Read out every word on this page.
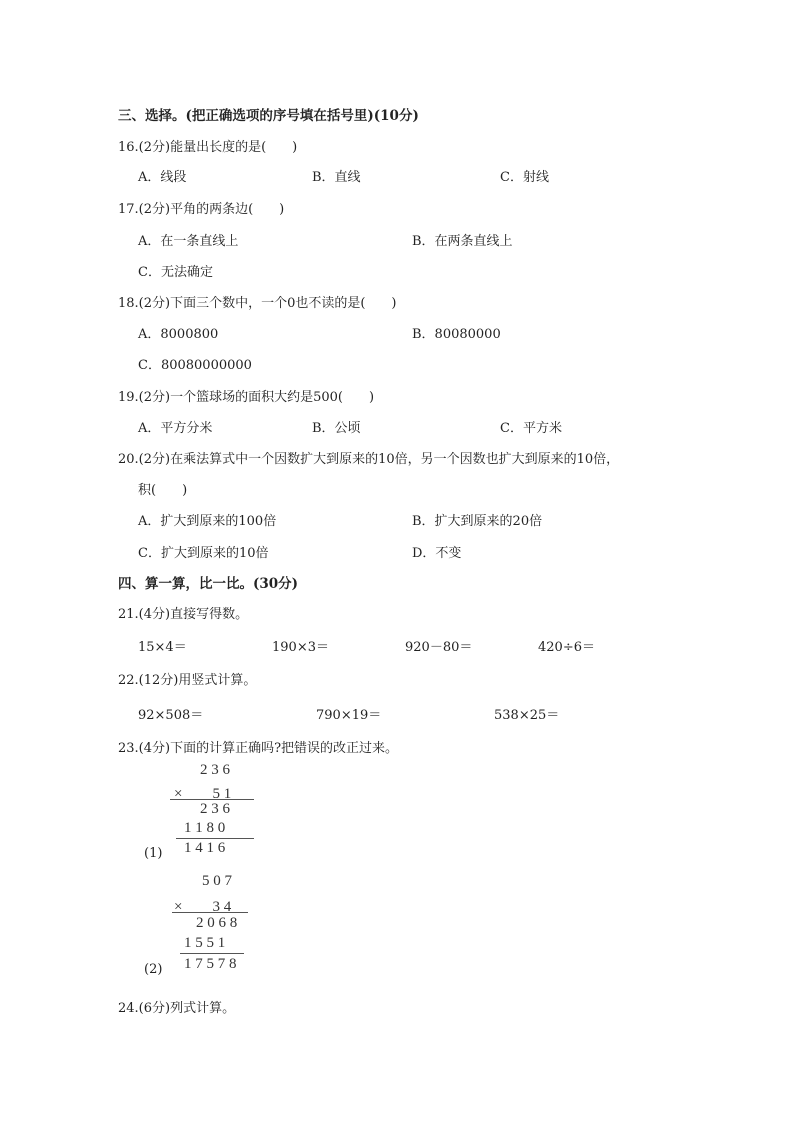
三、选择。(把正确选项的序号填在括号里)(10分)
16.(2分)能量出长度的是(　　)
A．线段	B．直线	C．射线
17.(2分)平角的两条边(　　)
A．在一条直线上	B．在两条直线上
C．无法确定
18.(2分)下面三个数中，一个0也不读的是(　　)
A．8000800	B．80080000
C．80080000000
19.(2分)一个篮球场的面积大约是500(　　)
A．平方分米	B．公顷	C．平方米
20.(2分)在乘法算式中一个因数扩大到原来的10倍，另一个因数也扩大到原来的10倍，
积(　　)
A．扩大到原来的100倍	B．扩大到原来的20倍
C．扩大到原来的10倍	D．不变
四、算一算，比一比。(30分)
21.(4分)直接写得数。
15×4＝	190×3＝	920－80＝	420÷6＝
22.(12分)用竖式计算。
92×508＝	790×19＝	538×25＝
23.(4分)下面的计算正确吗?把错误的改正过来。
2 3 6
×　　5 1
2 3 6
1 1 8 0
1 4 1 6
(1)
5 0 7
×　　3 4
2 0 6 8
1 5 5 1
1 7 5 7 8
(2)
24.(6分)列式计算。
